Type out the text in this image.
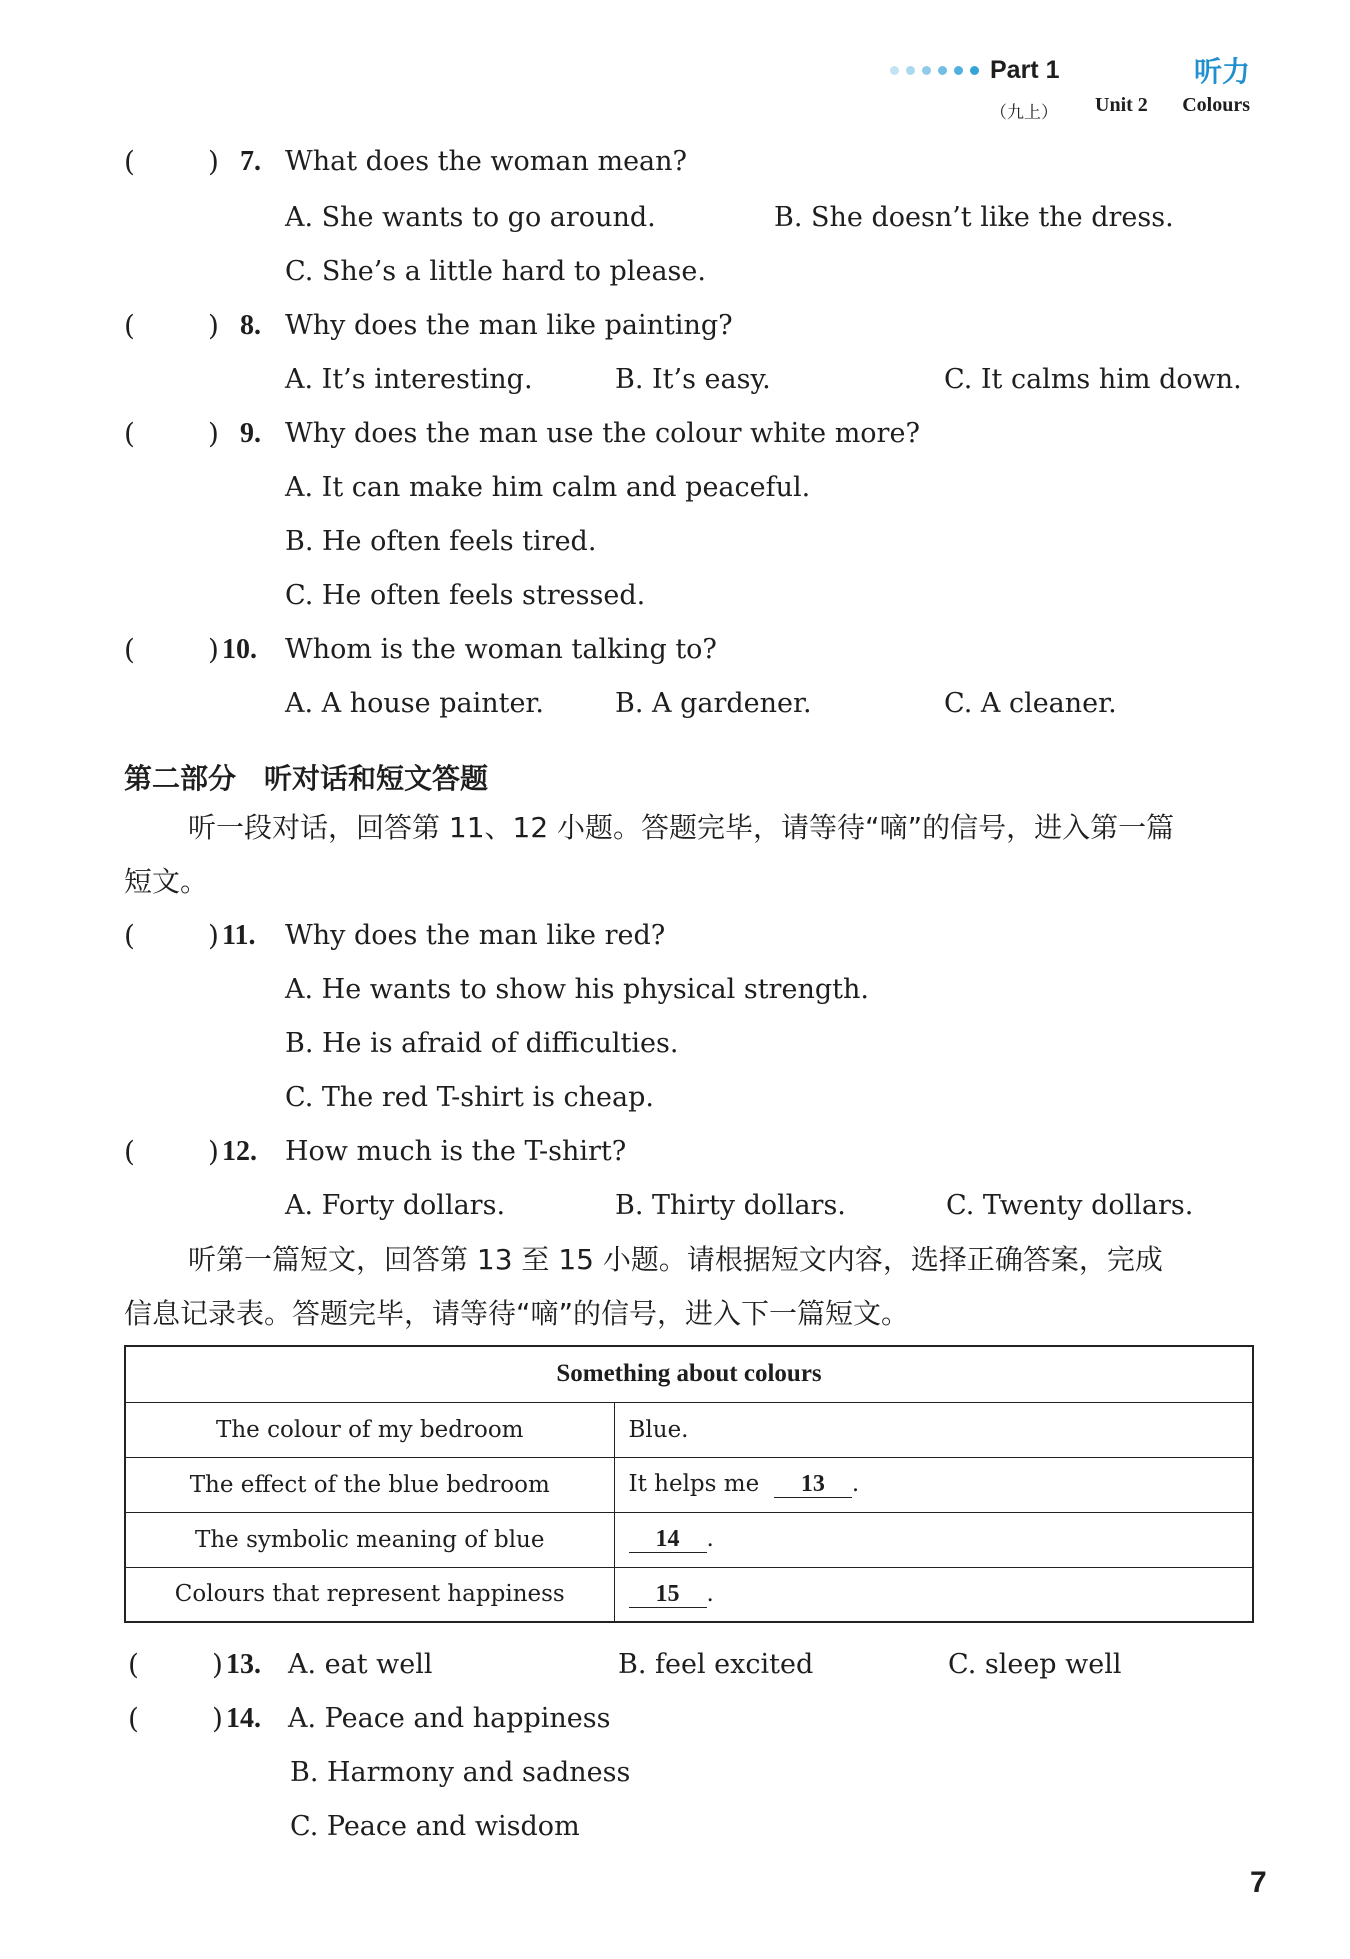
Part 1	听力
（九上） Unit 2 Colours
(	) 7. What does the woman mean?
A. She wants to go around.	B. She doesn’t like the dress.
C. She’s a little hard to please.
(	) 8. Why does the man like painting?
A. It’s interesting.	B. It’s easy.	C. It calms him down.
(	) 9. Why does the man use the colour white more?
A. It can make him calm and peaceful.
B. He often feels tired.
C. He often feels stressed.
(	) 10. Whom is the woman talking to?
A. A house painter.	B. A gardener.	C. A cleaner.
第二部分　听对话和短文答题
听一段对话，回答第 11、12 小题。答题完毕，请等待“嘀”的信号，进入第一篇
短文。
(	) 11. Why does the man like red?
A. He wants to show his physical strength.
B. He is afraid of difficulties.
C. The red T-shirt is cheap.
(	) 12. How much is the T-shirt?
A. Forty dollars.	B. Thirty dollars.	C. Twenty dollars.
听第一篇短文，回答第 13 至 15 小题。请根据短文内容，选择正确答案，完成
信息记录表。答题完毕，请等待“嘀”的信号，进入下一篇短文。
Something about colours	
The colour of my bedroom	Blue.
The effect of the blue bedroom	It helps me 13 .
The symbolic meaning of blue	14 .
Colours that represent happiness	15 .
(	) 13. A. eat well	B. feel excited	C. sleep well
(	) 14. A. Peace and happiness
B. Harmony and sadness
C. Peace and wisdom
7
